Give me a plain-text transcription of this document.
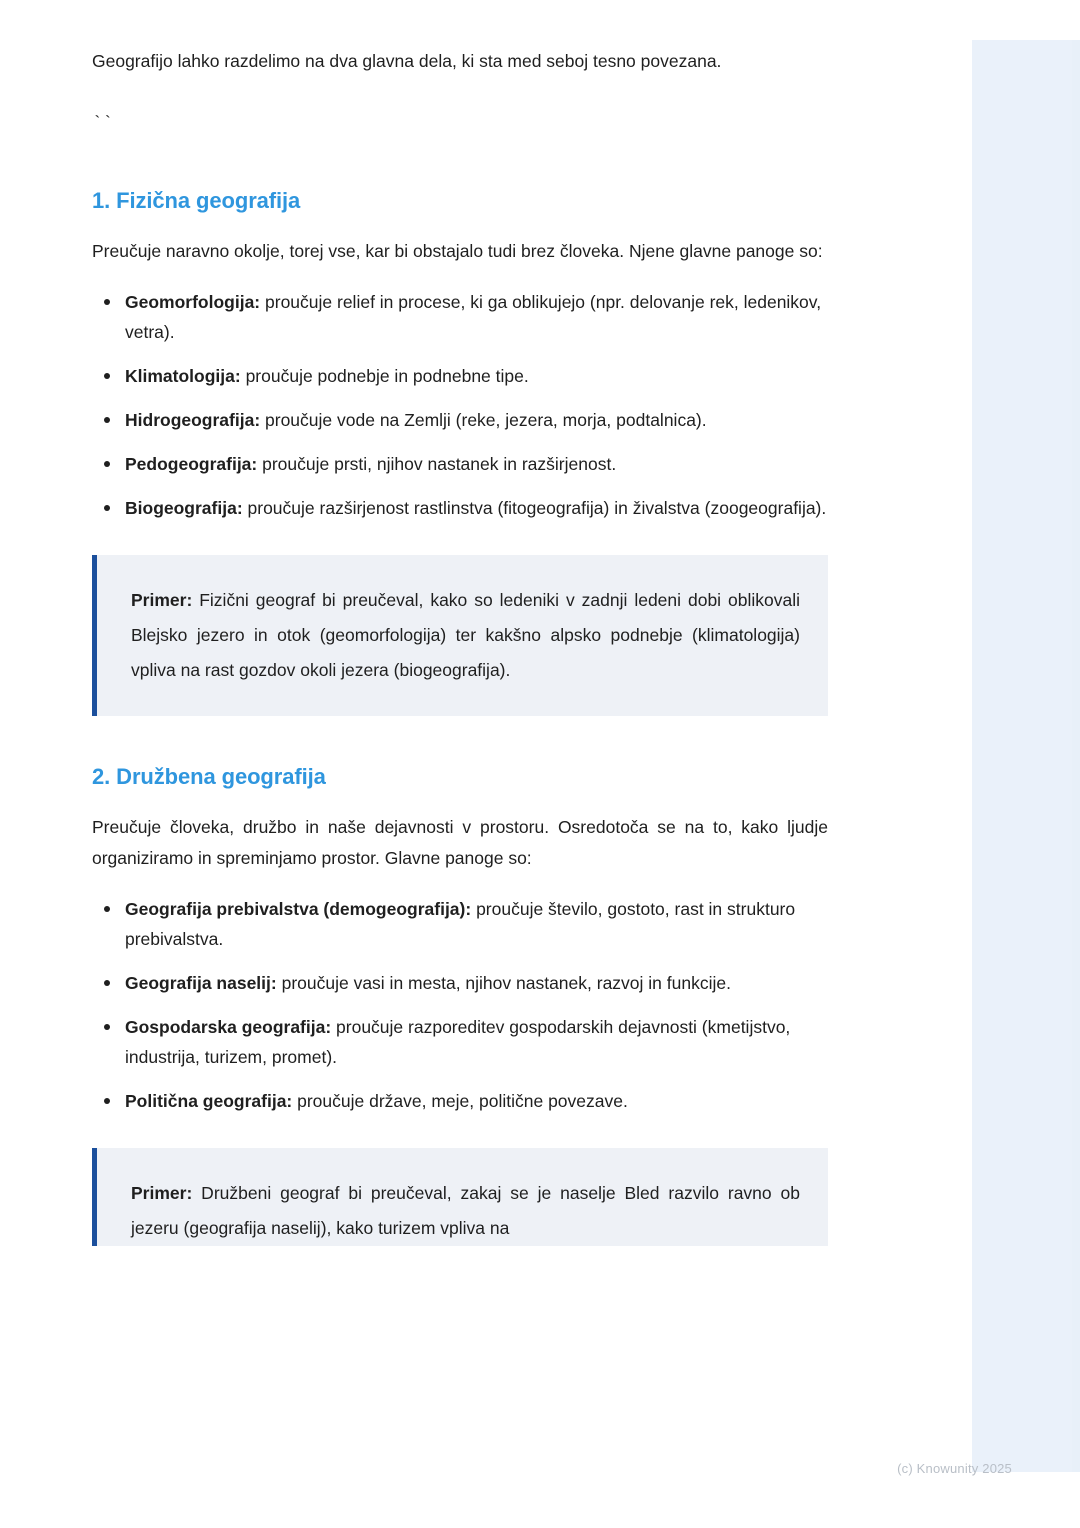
Geografijo lahko razdelimo na dva glavna dela, ki sta med seboj tesno povezana.

``
1. Fizična geografija

Preučuje naravno okolje, torej vse, kar bi obstajalo tudi brez človeka. Njene glavne panoge so:

Geomorfologija: proučuje relief in procese, ki ga oblikujejo (npr. delovanje rek, ledenikov, vetra).
Klimatologija: proučuje podnebje in podnebne tipe.
Hidrogeografija: proučuje vode na Zemlji (reke, jezera, morja, podtalnica).
Pedogeografija: proučuje prsti, njihov nastanek in razširjenost.
Biogeografija: proučuje razširjenost rastlinstva (fitogeografija) in živalstva (zoogeografija).

Primer: Fizični geograf bi preučeval, kako so ledeniki v zadnji ledeni dobi oblikovali Blejsko jezero in otok (geomorfologija) ter kakšno alpsko podnebje (klimatologija) vpliva na rast gozdov okoli jezera (biogeografija).

2. Družbena geografija

Preučuje človeka, družbo in naše dejavnosti v prostoru. Osredotoča se na to, kako ljudje organiziramo in spreminjamo prostor. Glavne panoge so:

Geografija prebivalstva (demogeografija): proučuje število, gostoto, rast in strukturo prebivalstva.
Geografija naselij: proučuje vasi in mesta, njihov nastanek, razvoj in funkcije.
Gospodarska geografija: proučuje razporeditev gospodarskih dejavnosti (kmetijstvo, industrija, turizem, promet).
Politična geografija: proučuje države, meje, politične povezave.

Primer: Družbeni geograf bi preučeval, zakaj se je naselje Bled razvilo ravno ob jezeru (geografija naselij), kako turizem vpliva na

(c) Knowunity 2025
